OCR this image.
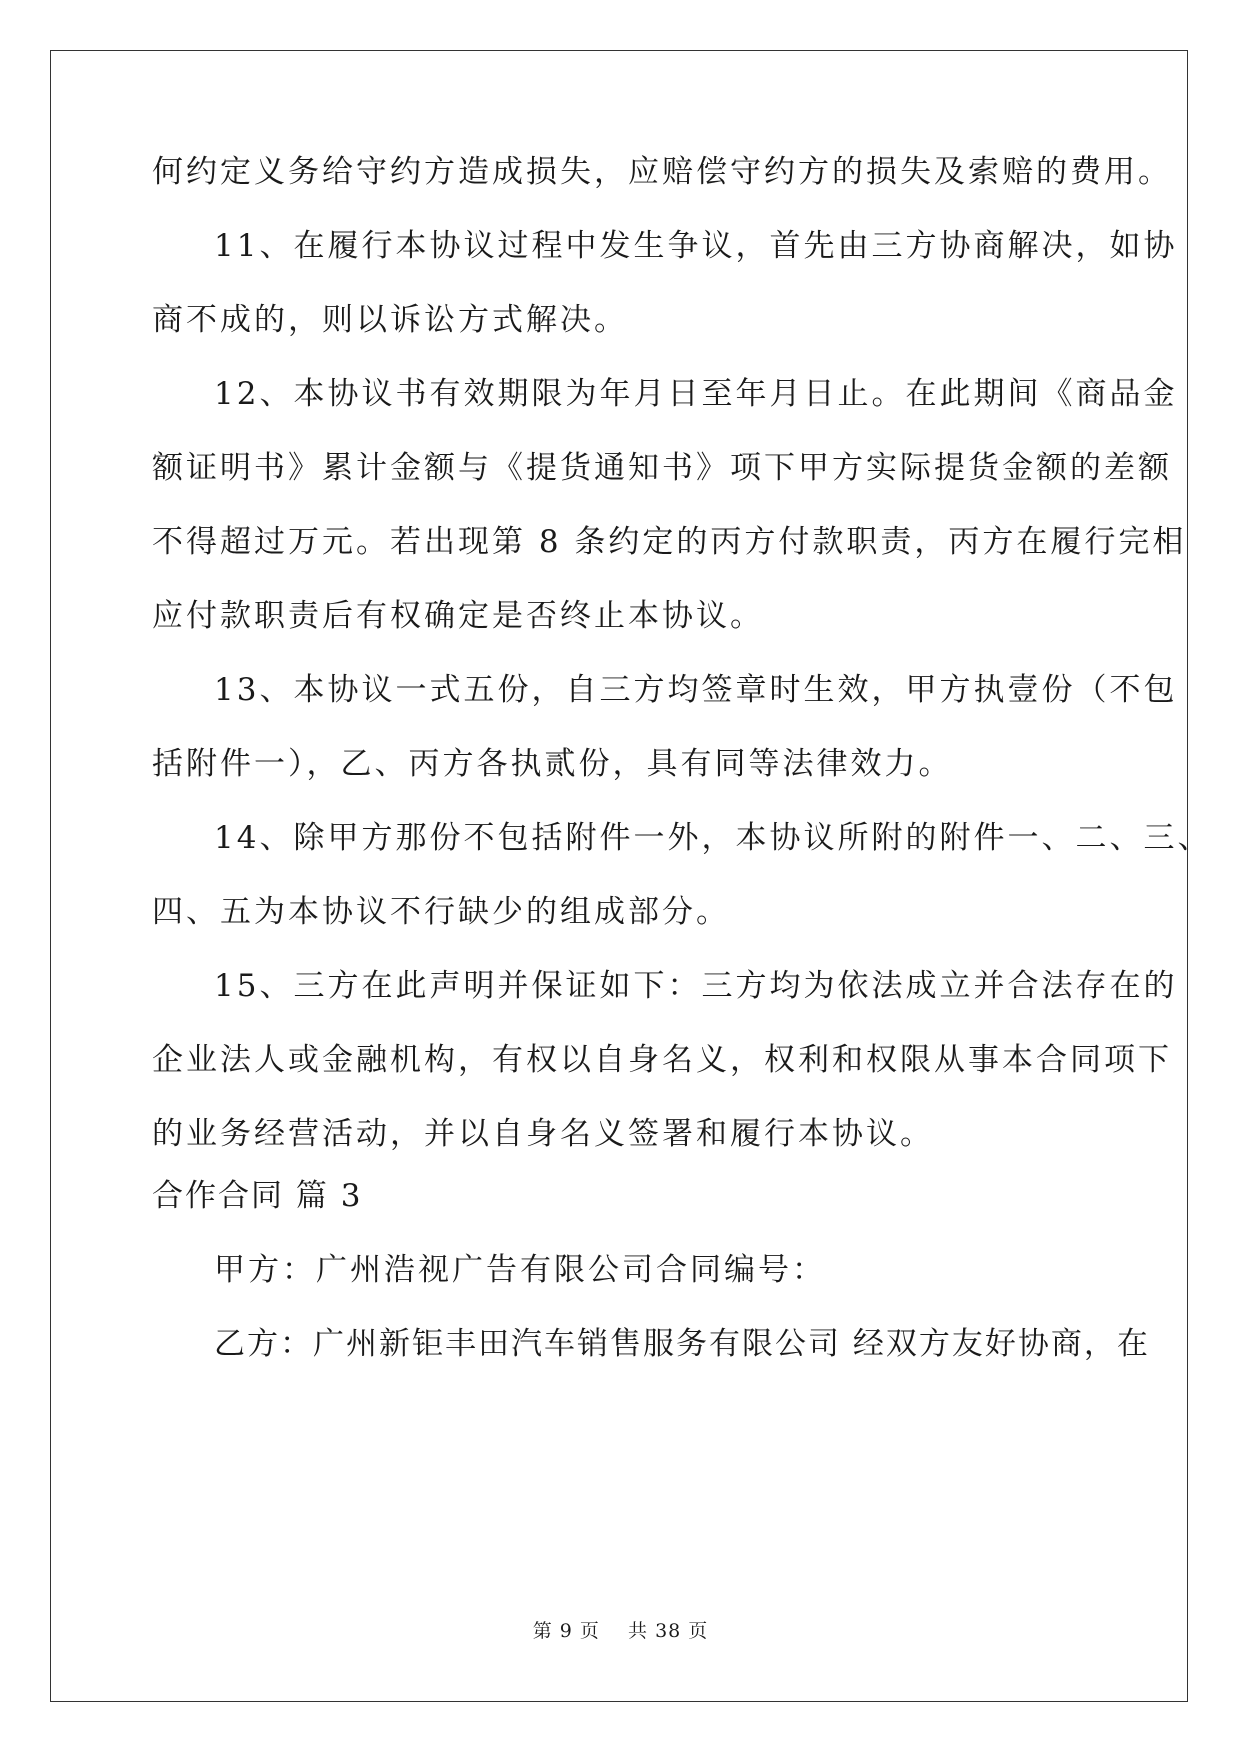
何约定义务给守约方造成损失，应赔偿守约方的损失及索赔的费用。

11、在履行本协议过程中发生争议，首先由三方协商解决，如协

商不成的，则以诉讼方式解决。

12、本协议书有效期限为年月日至年月日止。在此期间《商品金

额证明书》累计金额与《提货通知书》项下甲方实际提货金额的差额

不得超过万元。若出现第 8 条约定的丙方付款职责，丙方在履行完相

应付款职责后有权确定是否终止本协议。

13、本协议一式五份，自三方均签章时生效，甲方执壹份（不包

括附件一），乙、丙方各执贰份，具有同等法律效力。

14、除甲方那份不包括附件一外，本协议所附的附件一、二、三、

四、五为本协议不行缺少的组成部分。

15、三方在此声明并保证如下：三方均为依法成立并合法存在的

企业法人或金融机构，有权以自身名义，权利和权限从事本合同项下

的业务经营活动，并以自身名义签署和履行本协议。

合作合同 篇 3

甲方：广州浩视广告有限公司合同编号：

乙方：广州新钜丰田汽车销售服务有限公司 经双方友好协商，在

第 9 页    共 38 页
